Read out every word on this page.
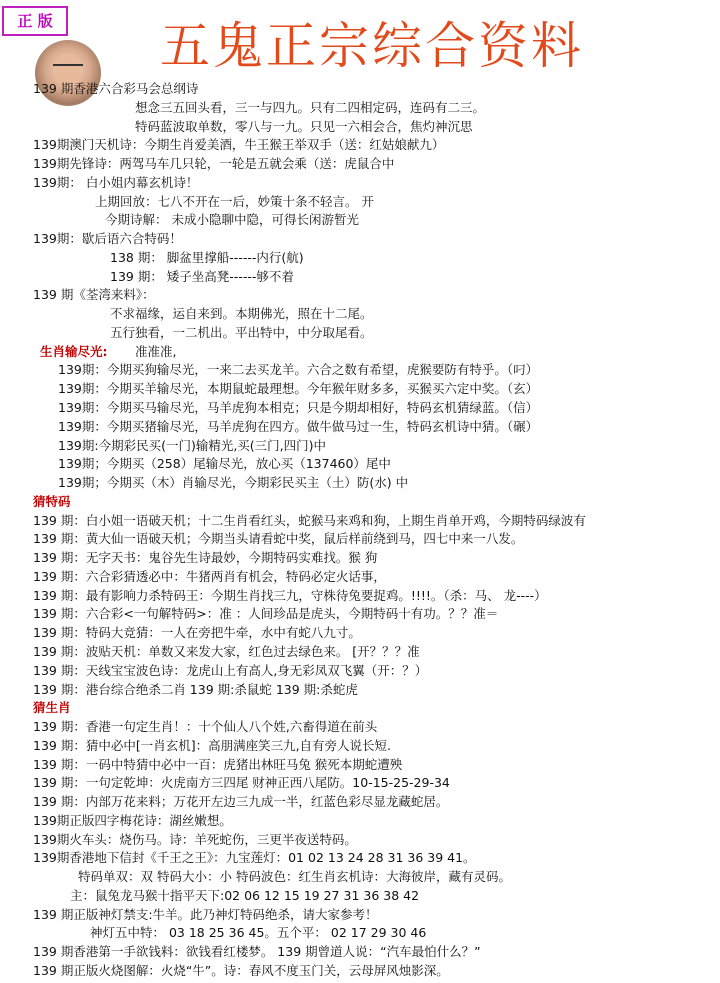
正 版	五鬼正宗综合资料
139 期香港六合彩马会总纲诗
想念三五回头看，三一与四九。只有二四相定码，连码有二三。
特码蓝波取单数，零八与一九。只见一六相会合，焦灼神沉思
139期澳门天机诗：今期生肖爱美酒，牛王猴王举双手（送：红姑娘献九）
139期先锋诗：两驾马车几只轮，一轮是五就会乘（送：虎鼠合中
139期： 白小姐内幕玄机诗！
上期回放：七八不开在一后，妙策十条不轻言。 开
今期诗解： 未成小隐聊中隐，可得长闲游暂光
139期：歇后语六合特码！
138 期： 脚盆里撑船------内行(航)
139 期： 矮子坐高凳------够不着
139 期《荃湾来料》：
不求福缘，运自来到。本期佛光，照在十二尾。
五行独看，一二机出。平出特中，中分取尾看。
生肖输尽光: 准准准,
139期：今期买狗输尽光，一来二去买龙羊。六合之数有希望，虎猴要防有特乎。（叼）
139期：今期买羊输尽光，本期鼠蛇最理想。今年猴年财多多，买猴买六定中奖。（玄）
139期：今期买马输尽光，马羊虎狗本相克；只是今期却相好，特码玄机猜绿蓝。（信）
139期：今期买猪输尽光，马羊虎狗在四方。做牛做马过一生，特码玄机诗中猜。（碾）
139期:今期彩民买(一门)输精光,买(三门,四门)中
139期；今期买（258）尾输尽光，放心买（137460）尾中
139期；今期买（木）肖输尽光，今期彩民买主（土）防(水) 中
猜特码
139 期：白小姐一语破天机；十二生肖看红头，蛇猴马来鸡和狗，上期生肖单开鸡，今期特码绿波有
139 期：黄大仙一语破天机；今期当头请看蛇中奖，鼠后样前绕到马，四七中来一八发。
139 期：无字天书：鬼谷先生诗最妙，今期特码实难找。猴 狗
139 期：六合彩猜透必中：牛猪两肖有机会，特码必定火话事，
139 期：最有影响力杀特码王：今期生肖找三九，守株待兔要捉鸡。!!!!。（杀：马、 龙----）
139 期：六合彩<一句解特码>：准 ：人间珍品是虎头，今期特码十有功。？？准＝
139 期：特码大竞猜：一人在旁把牛牵，水中有蛇八九寸。
139 期：波贴天机：单数又来发大家，红色过去绿色来。 [开？？？准
139 期：天线宝宝波色诗：龙虎山上有高人,身无彩凤双飞翼（开：？）
139 期：港台综合绝杀二肖 139 期:杀鼠蛇 139 期:杀蛇虎
猜生肖
139 期：香港一句定生肖！：十个仙人八个姓,六畜得道在前头
139 期：猜中必中[一肖玄机]：高朋满座笑三九,自有旁人说长短.
139 期：一码中特猜中必中一百：虎猪出林旺马兔 猴死本期蛇遭殃
139 期：一句定乾坤：火虎南方三四尾 财神正西八尾防。10-15-25-29-34
139 期：内部万花来料；万花开左边三九成一半，红蓝色彩尽显龙藏蛇居。
139期正版四字梅花诗：湖丝嫩想。
139期火车头：烧伤马。诗：羊死蛇伤，三更半夜送特码。
139期香港地下信封《千王之王》：九宝莲灯：01 02 13 24 28 31 36 39 41。
特码单双：双 特码大小：小 特码波色：红生肖玄机诗：大海彼岸，藏有灵码。
主：鼠兔龙马猴十指平天下:02 06 12 15 19 27 31 36 38 42
139 期正版神灯禁支:牛羊。此乃神灯特码绝杀，请大家参考！
神灯五中特： 03 18 25 36 45。五个平： 02 17 29 30 46
139 期香港第一手欲钱料：欲钱看红楼梦。 139 期曾道人说：“汽车最怕什么？”
139 期正版火烧图解：火烧“牛”。诗：春风不度玉门关，云母屏风烛影深。
